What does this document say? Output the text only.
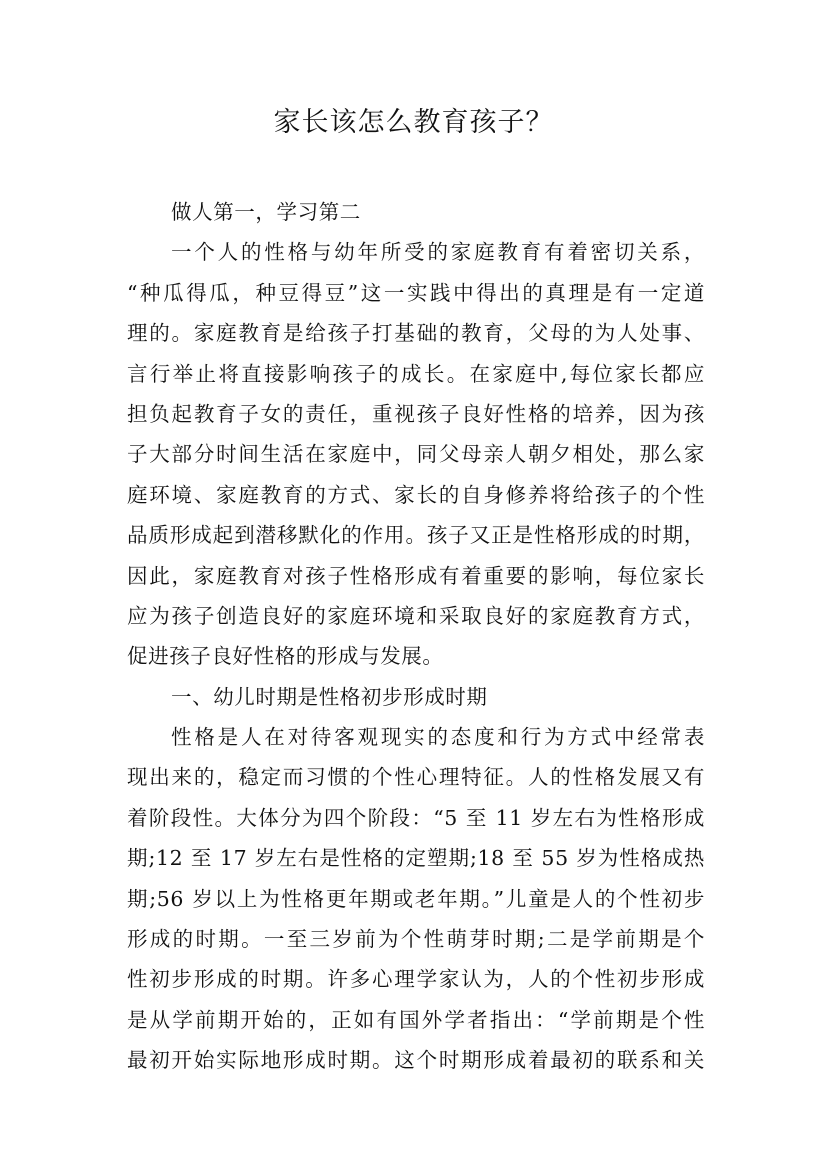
家长该怎么教育孩子？
做人第一，学习第二
一个人的性格与幼年所受的家庭教育有着密切关系，
“种瓜得瓜，种豆得豆”这一实践中得出的真理是有一定道
理的。家庭教育是给孩子打基础的教育，父母的为人处事、
言行举止将直接影响孩子的成长。在家庭中,每位家长都应
担负起教育子女的责任，重视孩子良好性格的培养，因为孩
子大部分时间生活在家庭中，同父母亲人朝夕相处，那么家
庭环境、家庭教育的方式、家长的自身修养将给孩子的个性
品质形成起到潜移默化的作用。孩子又正是性格形成的时期，
因此，家庭教育对孩子性格形成有着重要的影响，每位家长
应为孩子创造良好的家庭环境和采取良好的家庭教育方式，
促进孩子良好性格的形成与发展。
一、幼儿时期是性格初步形成时期
性格是人在对待客观现实的态度和行为方式中经常表
现出来的，稳定而习惯的个性心理特征。人的性格发展又有
着阶段性。大体分为四个阶段：“5 至 11 岁左右为性格形成
期;12 至 17 岁左右是性格的定塑期;18 至 55 岁为性格成热
期;56 岁以上为性格更年期或老年期。”儿童是人的个性初步
形成的时期。一至三岁前为个性萌芽时期;二是学前期是个
性初步形成的时期。许多心理学家认为，人的个性初步形成
是从学前期开始的，正如有国外学者指出：“学前期是个性
最初开始实际地形成时期。这个时期形成着最初的联系和关
